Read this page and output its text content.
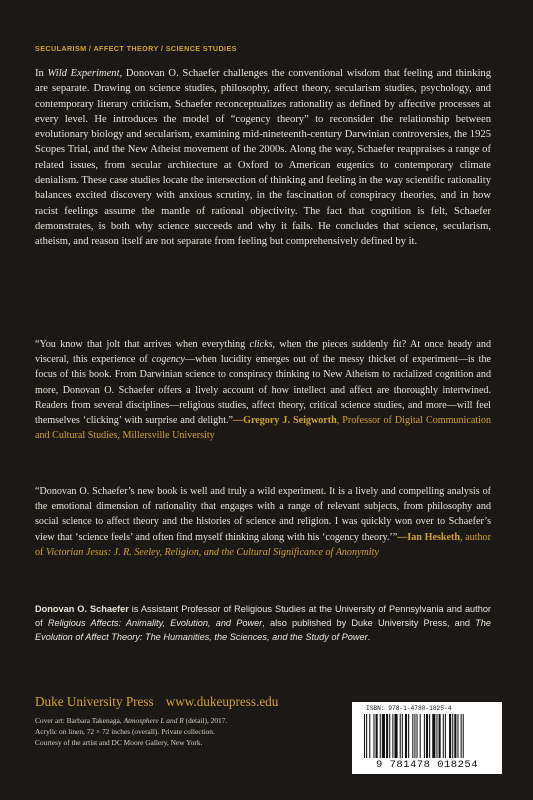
SECULARISM / AFFECT THEORY / SCIENCE STUDIES

In Wild Experiment, Donovan O. Schaefer challenges the conventional wisdom that feeling and thinking are separate. Drawing on science studies, philosophy, affect theory, secularism studies, psychology, and contemporary literary criticism, Schaefer reconceptualizes rationality as defined by affective processes at every level. He introduces the model of “cogency theory” to reconsider the relationship between evolutionary biology and secularism, examining mid-nineteenth-century Darwinian controversies, the 1925 Scopes Trial, and the New Atheist movement of the 2000s. Along the way, Schaefer reappraises a range of related issues, from secular architecture at Oxford to American eugenics to contemporary climate denialism. These case studies locate the intersection of thinking and feeling in the way scientific rationality balances excited discovery with anxious scrutiny, in the fascination of conspiracy theories, and in how racist feelings assume the mantle of rational objectivity. The fact that cognition is felt, Schaefer demonstrates, is both why science succeeds and why it fails. He concludes that science, secularism, atheism, and reason itself are not separate from feeling but comprehensively defined by it.

“You know that jolt that arrives when everything clicks, when the pieces suddenly fit? At once heady and visceral, this experience of cogency—when lucidity emerges out of the messy thicket of experiment—is the focus of this book. From Darwinian science to conspiracy thinking to New Atheism to racialized cognition and more, Donovan O. Schaefer offers a lively account of how intellect and affect are thoroughly intertwined. Readers from several disciplines—religious studies, affect theory, critical science studies, and more—will feel themselves ‘clicking’ with surprise and delight.”—Gregory J. Seigworth, Professor of Digital Communication and Cultural Studies, Millersville University

“Donovan O. Schaefer’s new book is well and truly a wild experiment. It is a lively and compelling analysis of the emotional dimension of rationality that engages with a range of relevant subjects, from philosophy and social science to affect theory and the histories of science and religion. I was quickly won over to Schaefer’s view that ‘science feels’ and often find myself thinking along with his ‘cogency theory.’”—Ian Hesketh, author of Victorian Jesus: J. R. Seeley, Religion, and the Cultural Significance of Anonymity

Donovan O. Schaefer is Assistant Professor of Religious Studies at the University of Pennsylvania and author of Religious Affects: Animality, Evolution, and Power, also published by Duke University Press, and The Evolution of Affect Theory: The Humanities, the Sciences, and the Study of Power.

Duke University Press www.dukeupress.edu
Cover art: Barbara Takenaga, Atmosphere L and R (detail), 2017.
Acrylic on linen, 72 × 72 inches (overall). Private collection.
Courtesy of the artist and DC Moore Gallery, New York.
ISBN: 978-1-4780-1825-4
9 781478 018254
